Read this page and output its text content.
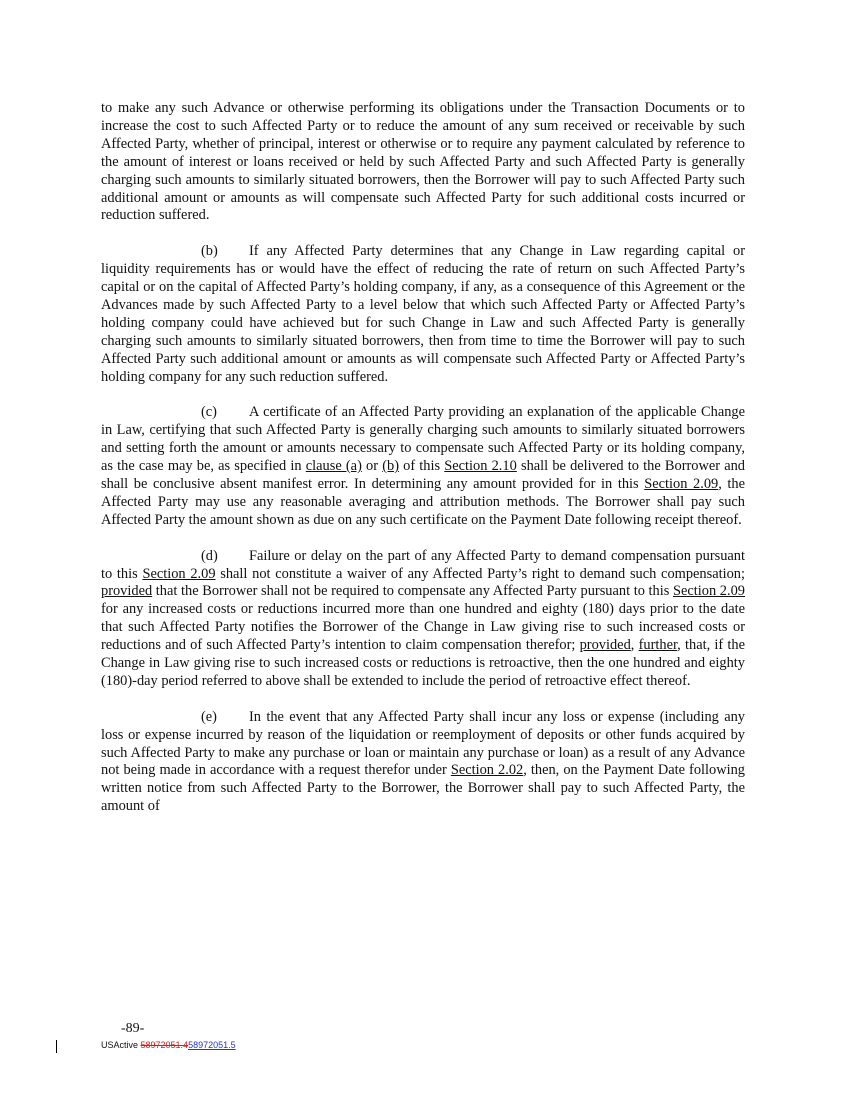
to make any such Advance or otherwise performing its obligations under the Transaction Documents or to increase the cost to such Affected Party or to reduce the amount of any sum received or receivable by such Affected Party, whether of principal, interest or otherwise or to require any payment calculated by reference to the amount of interest or loans received or held by such Affected Party and such Affected Party is generally charging such amounts to similarly situated borrowers, then the Borrower will pay to such Affected Party such additional amount or amounts as will compensate such Affected Party for such additional costs incurred or reduction suffered.

(b) If any Affected Party determines that any Change in Law regarding capital or liquidity requirements has or would have the effect of reducing the rate of return on such Affected Party’s capital or on the capital of Affected Party’s holding company, if any, as a consequence of this Agreement or the Advances made by such Affected Party to a level below that which such Affected Party or Affected Party’s holding company could have achieved but for such Change in Law and such Affected Party is generally charging such amounts to similarly situated borrowers, then from time to time the Borrower will pay to such Affected Party such additional amount or amounts as will compensate such Affected Party or Affected Party’s holding company for any such reduction suffered.

(c) A certificate of an Affected Party providing an explanation of the applicable Change in Law, certifying that such Affected Party is generally charging such amounts to similarly situated borrowers and setting forth the amount or amounts necessary to compensate such Affected Party or its holding company, as the case may be, as specified in clause (a) or (b) of this Section 2.10 shall be delivered to the Borrower and shall be conclusive absent manifest error. In determining any amount provided for in this Section 2.09, the Affected Party may use any reasonable averaging and attribution methods. The Borrower shall pay such Affected Party the amount shown as due on any such certificate on the Payment Date following receipt thereof.

(d) Failure or delay on the part of any Affected Party to demand compensation pursuant to this Section 2.09 shall not constitute a waiver of any Affected Party’s right to demand such compensation; provided that the Borrower shall not be required to compensate any Affected Party pursuant to this Section 2.09 for any increased costs or reductions incurred more than one hundred and eighty (180) days prior to the date that such Affected Party notifies the Borrower of the Change in Law giving rise to such increased costs or reductions and of such Affected Party’s intention to claim compensation therefor; provided, further, that, if the Change in Law giving rise to such increased costs or reductions is retroactive, then the one hundred and eighty (180)-day period referred to above shall be extended to include the period of retroactive effect thereof.

(e) In the event that any Affected Party shall incur any loss or expense (including any loss or expense incurred by reason of the liquidation or reemployment of deposits or other funds acquired by such Affected Party to make any purchase or loan or maintain any purchase or loan) as a result of any Advance not being made in accordance with a request therefor under Section 2.02, then, on the Payment Date following written notice from such Affected Party to the Borrower, the Borrower shall pay to such Affected Party, the amount of

-89-
USActive 58972051.458972051.5
